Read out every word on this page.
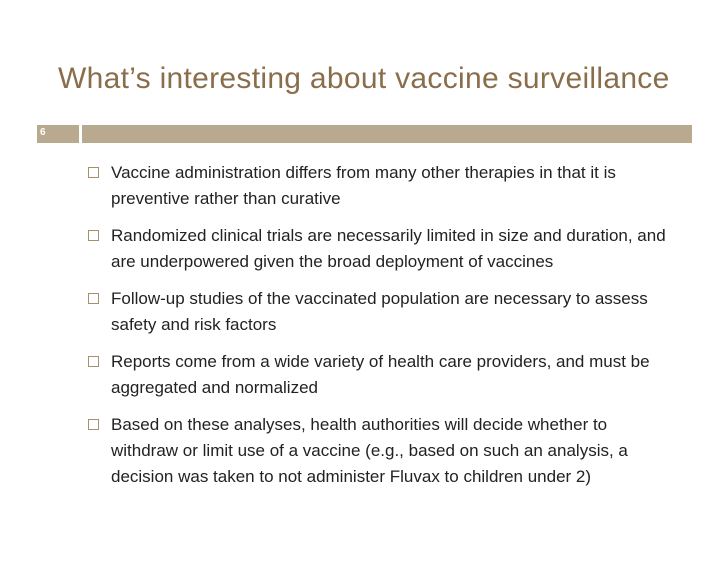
What’s interesting about vaccine surveillance
6
Vaccine administration differs from many other therapies in that it is preventive rather than curative
Randomized clinical trials are necessarily limited in size and duration, and are underpowered given the broad deployment of vaccines
Follow-up studies of the vaccinated population are necessary to assess safety and risk factors
Reports come from a wide variety of health care providers, and must be aggregated and normalized
Based on these analyses, health authorities will decide whether to withdraw or limit use of a vaccine (e.g., based on such an analysis, a decision was taken to not administer Fluvax to children under 2)
